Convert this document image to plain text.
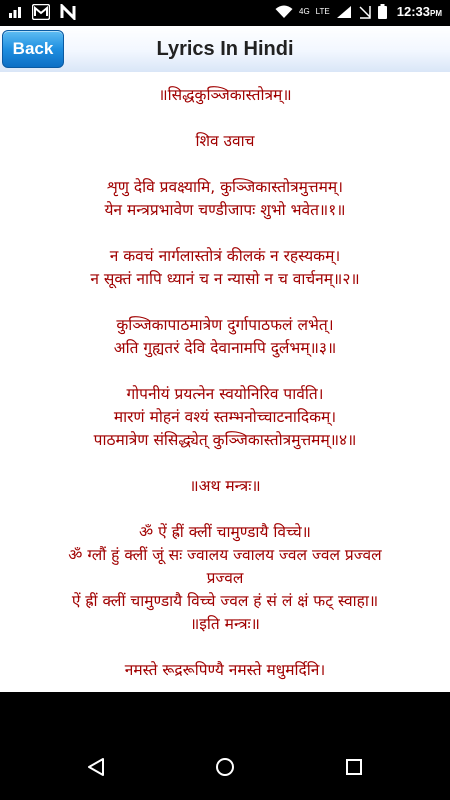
4G LTE	12:33PM
Lyrics In Hindi
Back
॥सिद्धकुञ्जिकास्तोत्रम्॥
शिव उवाच
शृणु देवि प्रवक्ष्यामि, कुञ्जिकास्तोत्रमुत्तमम्।
येन मन्त्रप्रभावेण चण्डीजापः शुभो भवेत॥१॥
न कवचं नार्गलास्तोत्रं कीलकं न रहस्यकम्।
न सूक्तं नापि ध्यानं च न न्यासो न च वार्चनम्॥२॥
कुञ्जिकापाठमात्रेण दुर्गापाठफलं लभेत्।
अति गुह्यतरं देवि देवानामपि दुर्लभम्॥३॥
गोपनीयं प्रयत्नेन स्वयोनिरिव पार्वति।
मारणं मोहनं वश्यं स्तम्भनोच्चाटनादिकम्।
पाठमात्रेण संसिद्ध्येत् कुञ्जिकास्तोत्रमुत्तमम्॥४॥
॥अथ मन्त्रः॥
ॐ ऐं ह्रीं क्लीं चामुण्डायै विच्चे॥
ॐ ग्लौं हुं क्लीं जूं सः ज्वालय ज्वालय ज्वल ज्वल प्रज्वल
प्रज्वल
ऐं ह्रीं क्लीं चामुण्डायै विच्चे ज्वल हं सं लं क्षं फट् स्वाहा॥
॥इति मन्त्रः॥
नमस्ते रूद्ररूपिण्यै नमस्ते मधुमर्दिनि।
